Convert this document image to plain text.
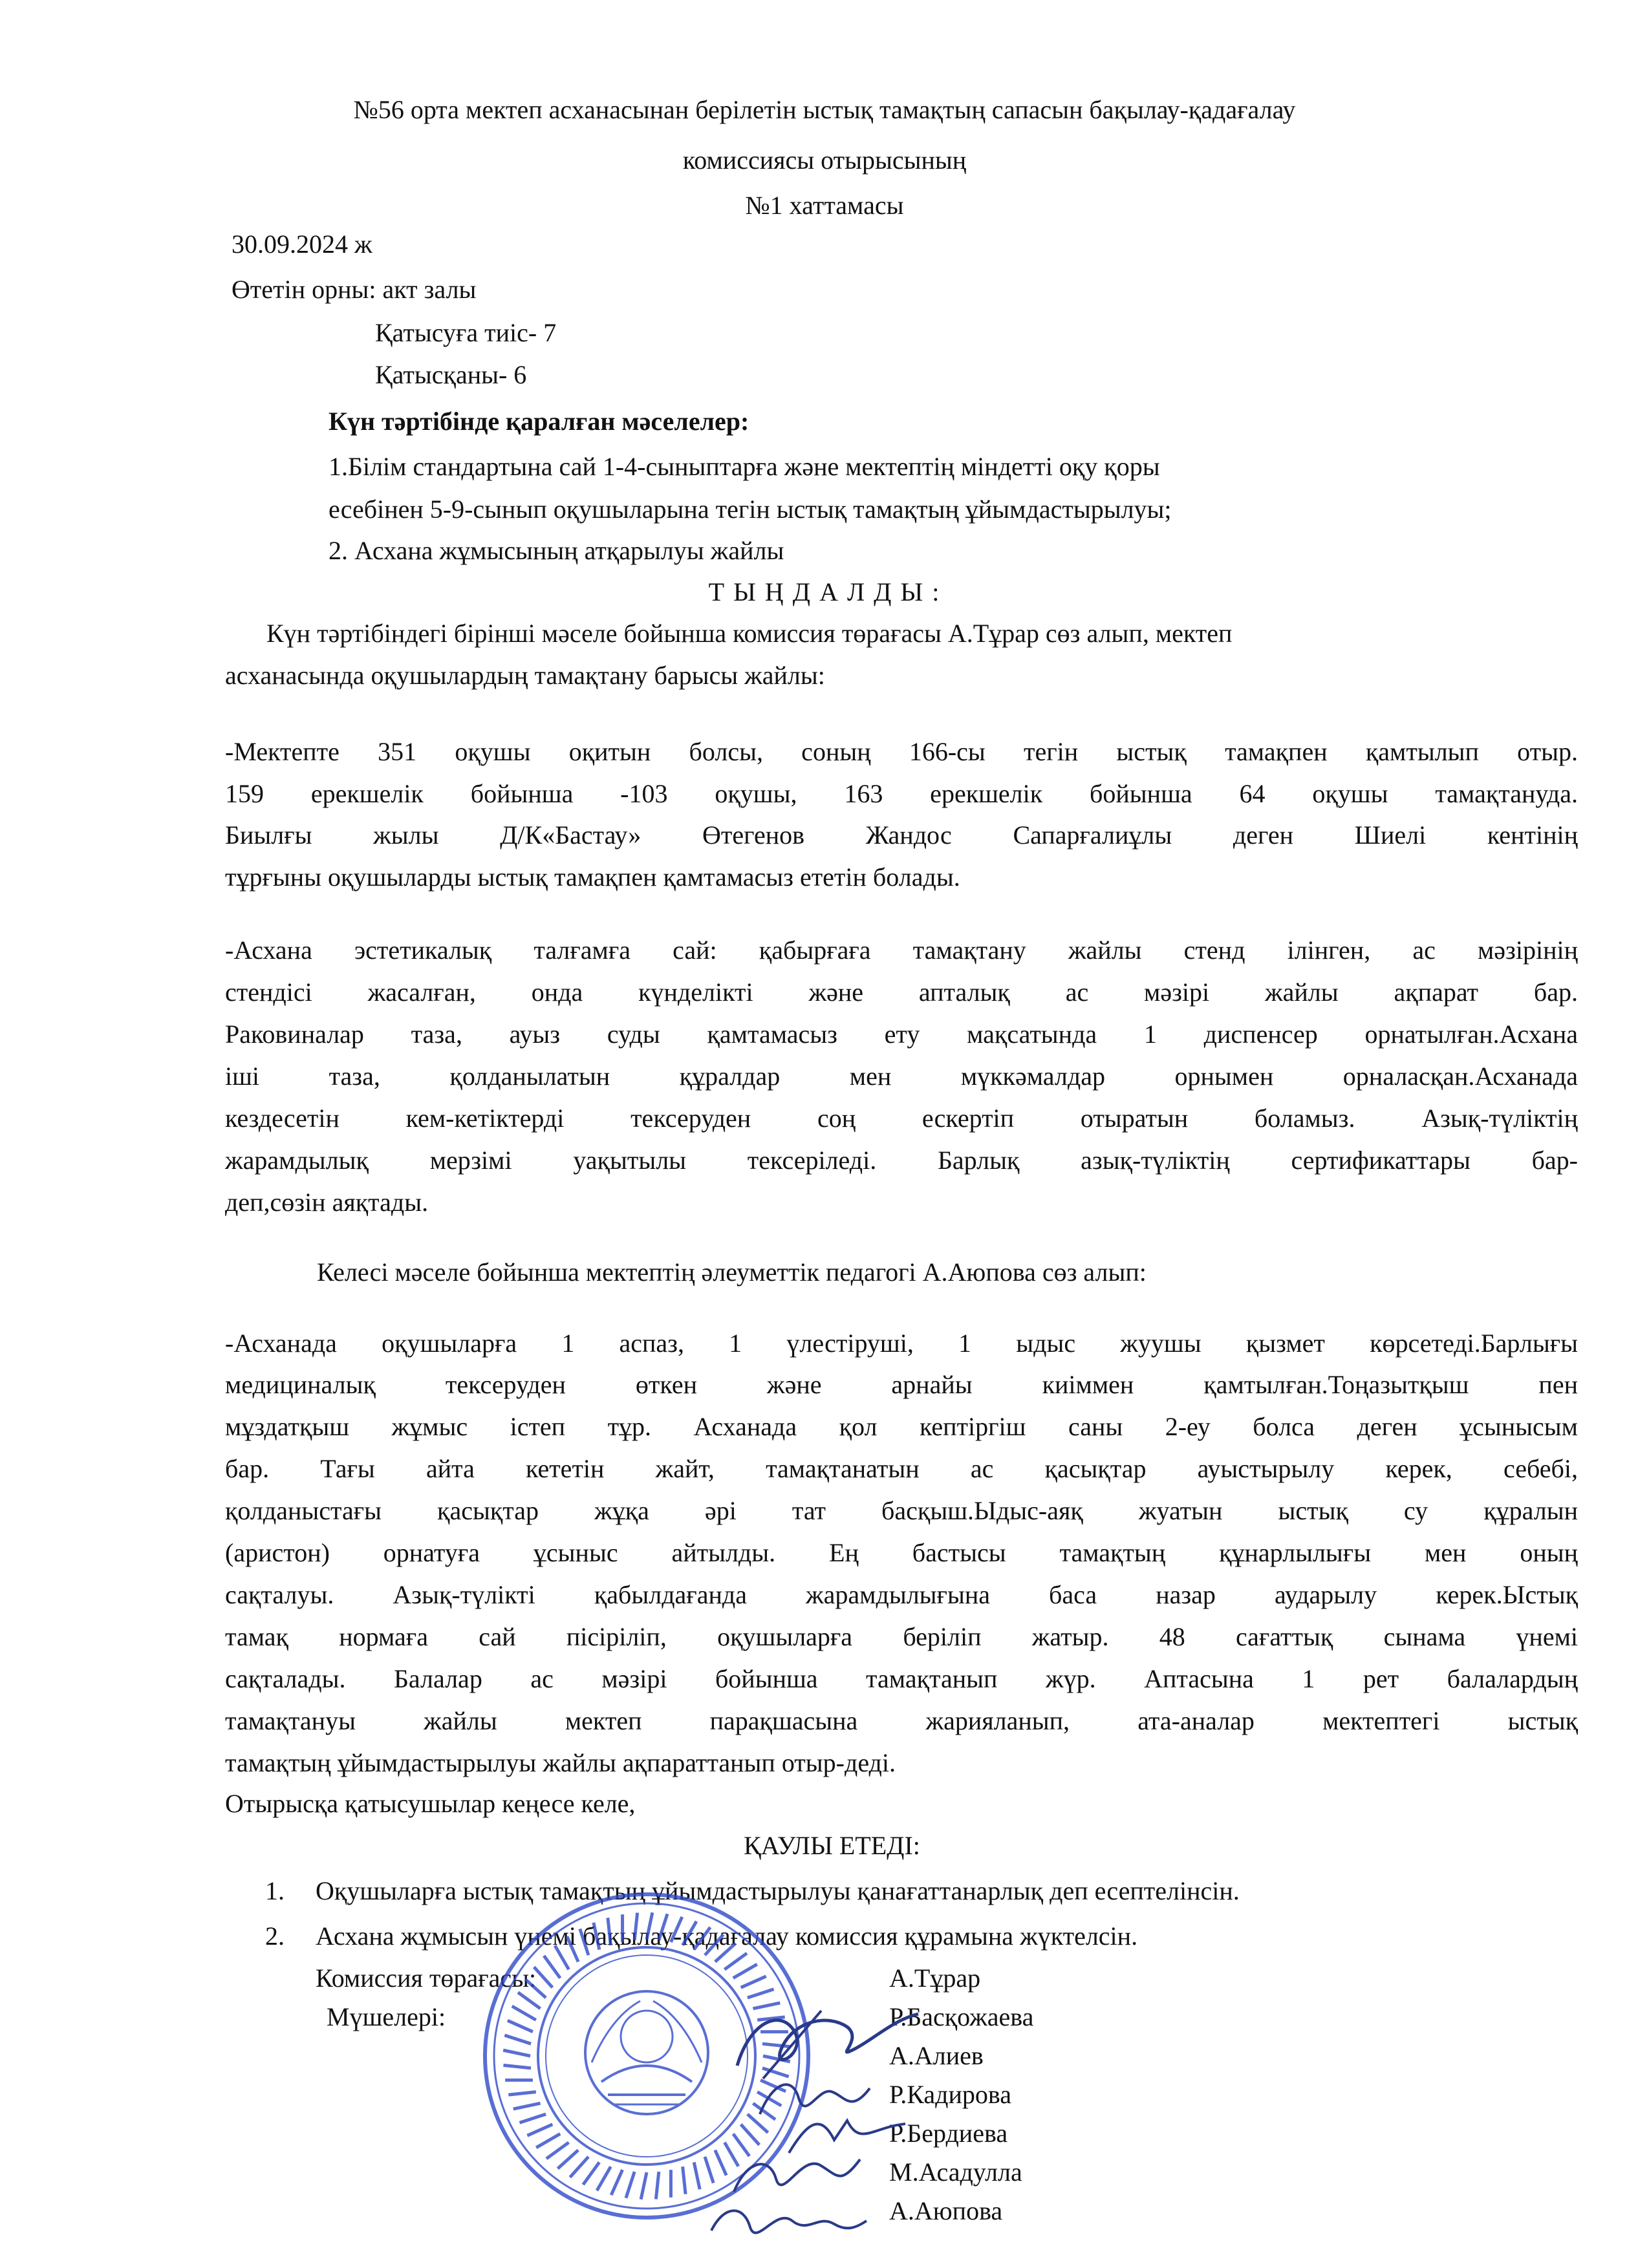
№56 орта мектеп асханасынан берілетін ыстық тамақтың сапасын бақылау-қадағалау
комиссиясы отырысының
№1 хаттамасы
30.09.2024 ж
Өтетін орны: акт залы
Қатысуға тиіс- 7
Қатысқаны- 6
Күн тәртібінде қаралған мәселелер:
1.Білім стандартына сай 1-4-сыныптарға және мектептің міндетті оқу қоры
есебінен 5-9-сынып оқушыларына тегін ыстық тамақтың ұйымдастырылуы;
2. Асхана жұмысының атқарылуы жайлы
Т Ы Ң Д А Л Д Ы :
Күн тәртібіндегі бірінші мәселе бойынша комиссия төрағасы А.Тұрар сөз алып, мектеп
асханасында оқушылардың тамақтану барысы жайлы:
-Мектепте 351 оқушы оқитын болсы, соның 166-сы тегін ыстық тамақпен қамтылып отыр.
159 ерекшелік бойынша -103 оқушы, 163 ерекшелік бойынша 64 оқушы тамақтануда.
Биылғы жылы Д/К«Бастау» Өтегенов Жандос Сапарғалиұлы деген Шиелі кентінің
тұрғыны оқушыларды ыстық тамақпен қамтамасыз ететін болады.
-Асхана эстетикалық талғамға сай: қабырғаға тамақтану жайлы стенд ілінген, ас мәзірінің
стендісі жасалған, онда күнделікті және апталық ас мәзірі жайлы ақпарат бар.
Раковиналар таза, ауыз суды қамтамасыз ету мақсатында 1 диспенсер орнатылған.Асхана
іші таза, қолданылатын құралдар мен мүккәмалдар орнымен орналасқан.Асханада
кездесетін кем-кетіктерді тексеруден соң ескертіп отыратын боламыз. Азық-түліктің
жарамдылық мерзімі уақытылы тексеріледі. Барлық азық-түліктің сертификаттары бар-
деп,сөзін аяқтады.
Келесі мәселе бойынша мектептің әлеуметтік педагогі А.Аюпова сөз алып:
-Асханада оқушыларға 1 аспаз, 1 үлестіруші, 1 ыдыс жуушы қызмет көрсетеді.Барлығы
медициналық тексеруден өткен және арнайы киіммен қамтылған.Тоңазытқыш пен
мұздатқыш жұмыс істеп тұр. Асханада қол кептіргіш саны 2-еу болса деген ұсынысым
бар. Тағы айта кететін жайт, тамақтанатын ас қасықтар ауыстырылу керек, себебі,
қолданыстағы қасықтар жұқа әрі тат басқыш.Ыдыс-аяқ жуатын ыстық су құралын
(аристон) орнатуға ұсыныс айтылды. Ең бастысы тамақтың құнарлылығы мен оның
сақталуы. Азық-түлікті қабылдағанда жарамдылығына баса назар аударылу керек.Ыстық
тамақ нормаға сай пісіріліп, оқушыларға беріліп жатыр. 48 сағаттық сынама үнемі
сақталады. Балалар ас мәзірі бойынша тамақтанып жүр. Аптасына 1 рет балалардың
тамақтануы жайлы мектеп парақшасына жарияланып, ата-аналар мектептегі ыстық
тамақтың ұйымдастырылуы жайлы ақпараттанып отыр-деді.
Отырысқа қатысушылар кеңесе келе,
ҚАУЛЫ ЕТЕДІ:
1. Оқушыларға ыстық тамақтың ұйымдастырылуы қанағаттанарлық деп есептелінсін.
2. Асхана жұмысын үнемі бақылау-қадағалау комиссия құрамына жүктелсін.
Комиссия төрағасы:
Мүшелері:
А.Тұрар
Р.Басқожаева
А.Алиев
Р.Кадирова
Р.Бердиева
М.Асадулла
А.Аюпова
